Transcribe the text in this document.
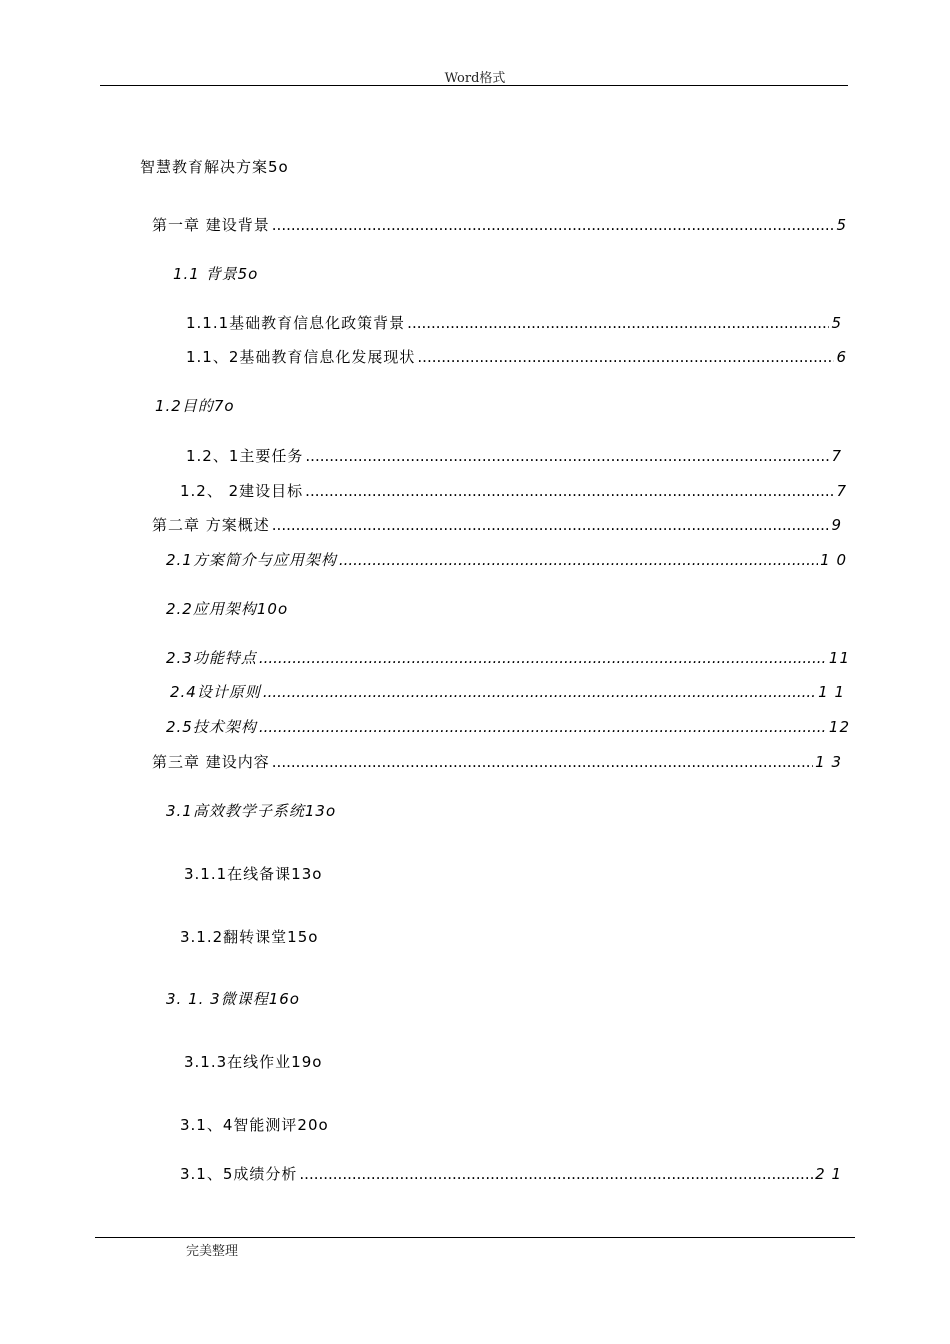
Word格式
智慧教育解决方案5o
第一章 建设背景 .....	5
1.1 背景5o
1.1.1基础教育信息化政策背景 .....	5
1.1、2基础教育信息化发展现状 .....	6
1.2目的7o
1.2、1主要任务 .....	7
1.2、 2建设目标 .....	7
第二章 方案概述 .....	9
2.1方案简介与应用架构 .....	1 0
2.2应用架构10o
2.3功能特点 .....	11
2.4设计原则 .....	1 1
2.5技术架构 .....	12
第三章 建设内容 .....	1 3
3.1高效教学子系统13o
3.1.1在线备课13o
3.1.2翻转课堂15o
3. 1. 3微课程16o
3.1.3在线作业19o
3.1、4智能测评20o
3.1、5成绩分析 .....	2 1
完美整理
